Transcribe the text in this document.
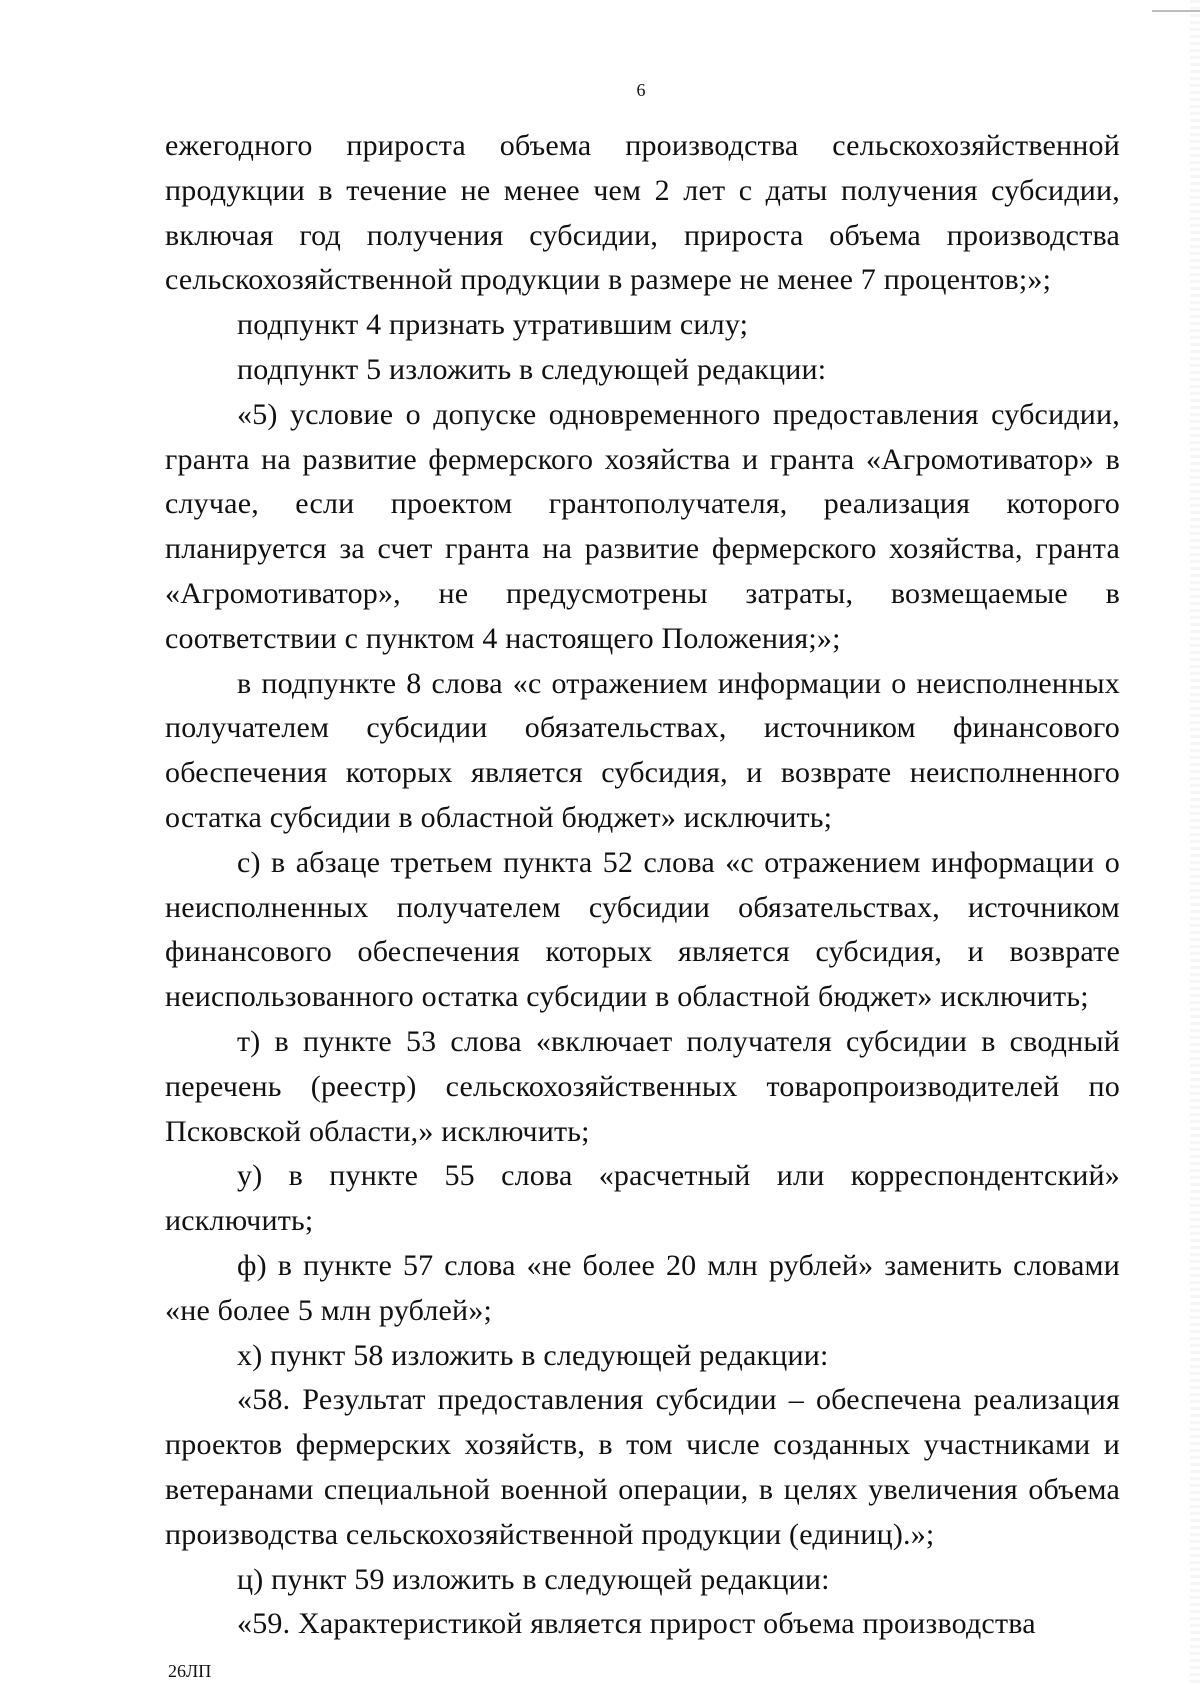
6

ежегодного прироста объема производства сельскохозяйственной продукции в течение не менее чем 2 лет с даты получения субсидии, включая год получения субсидии, прироста объема производства сельскохозяйственной продукции в размере не менее 7 процентов;»;

подпункт 4 признать утратившим силу;

подпункт 5 изложить в следующей редакции:

«5) условие о допуске одновременного предоставления субсидии, гранта на развитие фермерского хозяйства и гранта «Агромотиватор» в случае, если проектом грантополучателя, реализация которого планируется за счет гранта на развитие фермерского хозяйства, гранта «Агромотиватор», не предусмотрены затраты, возмещаемые в соответствии с пунктом 4 настоящего Положения;»;

в подпункте 8 слова «с отражением информации о неисполненных получателем субсидии обязательствах, источником финансового обеспечения которых является субсидия, и возврате неисполненного остатка субсидии в областной бюджет» исключить;

с) в абзаце третьем пункта 52 слова «с отражением информации о неисполненных получателем субсидии обязательствах, источником финансового обеспечения которых является субсидия, и возврате неиспользованного остатка субсидии в областной бюджет» исключить;

т) в пункте 53 слова «включает получателя субсидии в сводный перечень (реестр) сельскохозяйственных товаропроизводителей по Псковской области,» исключить;

у) в пункте 55 слова «расчетный или корреспондентский» исключить;

ф) в пункте 57 слова «не более 20 млн рублей» заменить словами «не более 5 млн рублей»;

х) пункт 58 изложить в следующей редакции:

«58. Результат предоставления субсидии – обеспечена реализация проектов фермерских хозяйств, в том числе созданных участниками и ветеранами специальной военной операции, в целях увеличения объема производства сельскохозяйственной продукции (единиц).»;

ц) пункт 59 изложить в следующей редакции:

«59. Характеристикой является прирост объема производства

26ЛП
